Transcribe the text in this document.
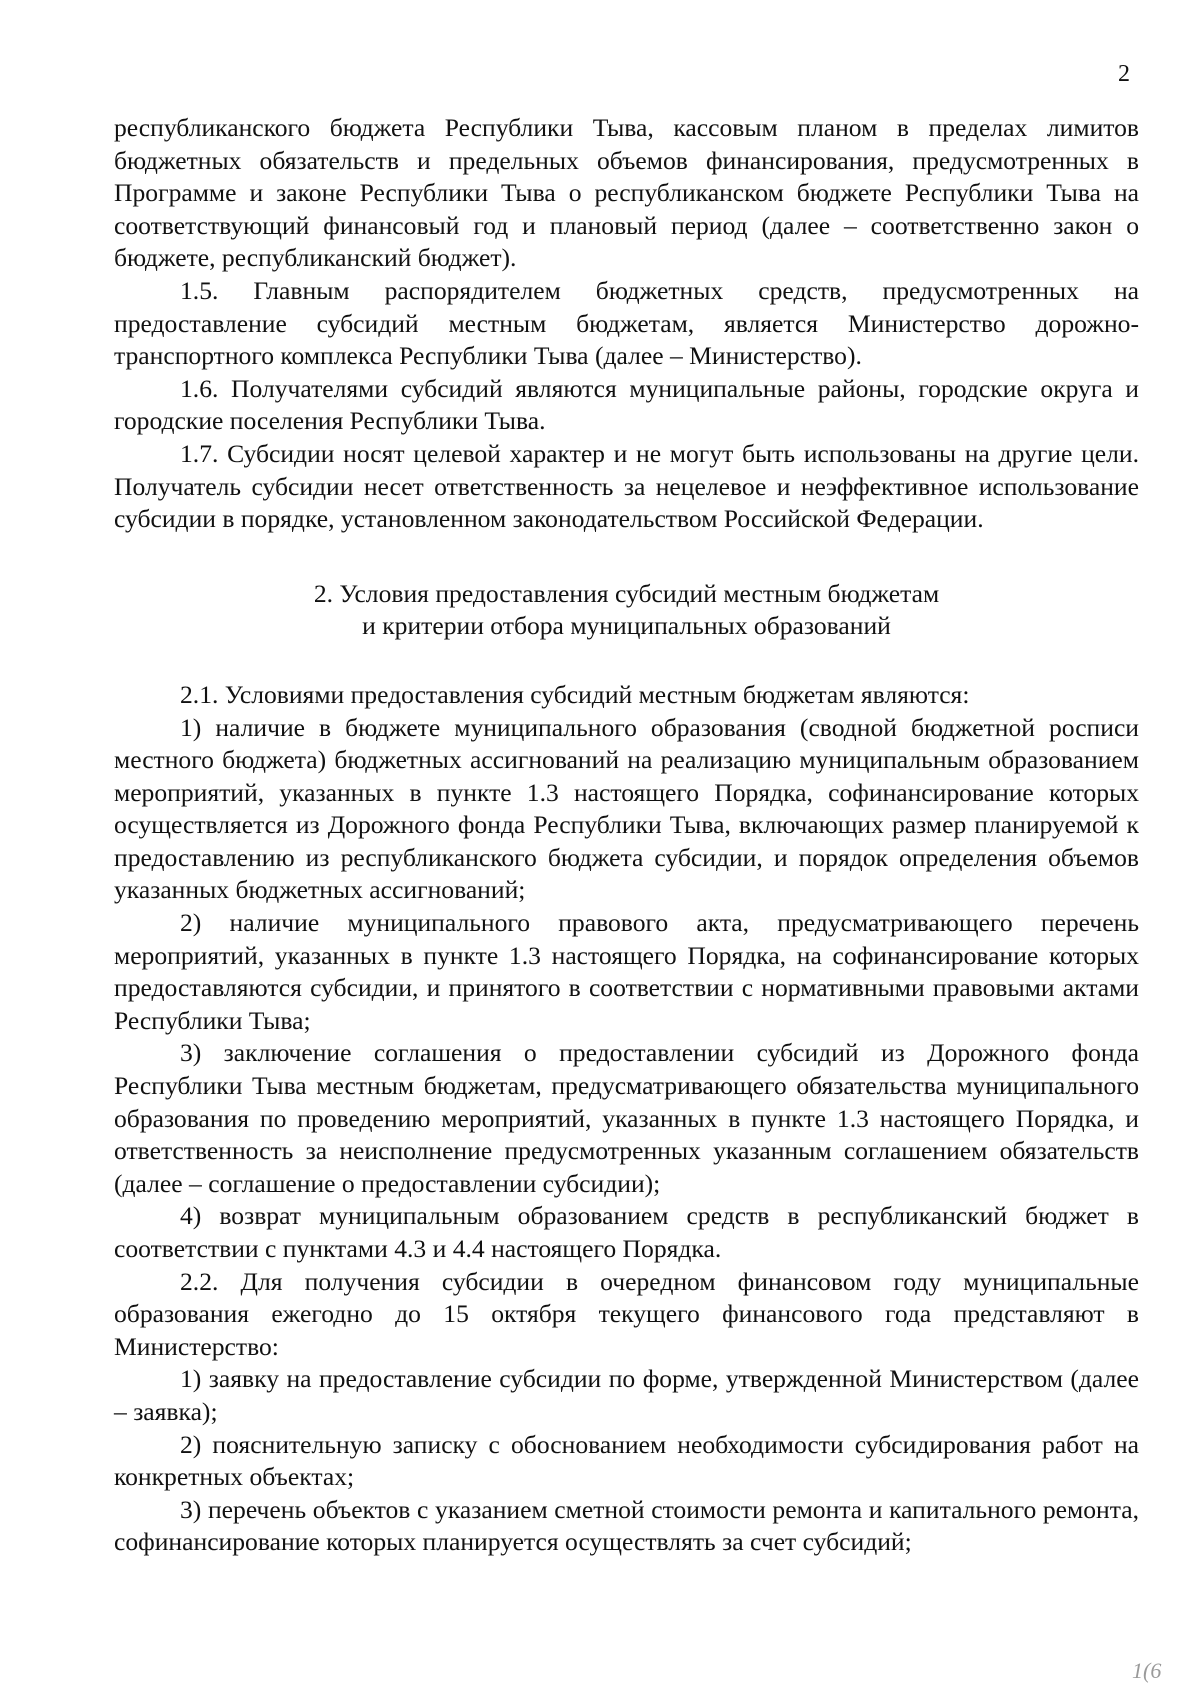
2

республиканского бюджета Республики Тыва, кассовым планом в пределах лимитов бюджетных обязательств и предельных объемов финансирования, предусмотренных в Программе и законе Республики Тыва о республиканском бюджете Республики Тыва на соответствующий финансовый год и плановый период (далее – соответственно закон о бюджете, республиканский бюджет).

1.5. Главным распорядителем бюджетных средств, предусмотренных на предоставление субсидий местным бюджетам, является Министерство дорожно-транспортного комплекса Республики Тыва (далее – Министерство).

1.6. Получателями субсидий являются муниципальные районы, городские округа и городские поселения Республики Тыва.

1.7. Субсидии носят целевой характер и не могут быть использованы на другие цели. Получатель субсидии несет ответственность за нецелевое и неэффективное использование субсидии в порядке, установленном законодательством Российской Федерации.

2. Условия предоставления субсидий местным бюджетам
и критерии отбора муниципальных образований

2.1. Условиями предоставления субсидий местным бюджетам являются:

1) наличие в бюджете муниципального образования (сводной бюджетной росписи местного бюджета) бюджетных ассигнований на реализацию муниципальным образованием мероприятий, указанных в пункте 1.3 настоящего Порядка, софинансирование которых осуществляется из Дорожного фонда Республики Тыва, включающих размер планируемой к предоставлению из республиканского бюджета субсидии, и порядок определения объемов указанных бюджетных ассигнований;

2) наличие муниципального правового акта, предусматривающего перечень мероприятий, указанных в пункте 1.3 настоящего Порядка, на софинансирование которых предоставляются субсидии, и принятого в соответствии с нормативными правовыми актами Республики Тыва;

3) заключение соглашения о предоставлении субсидий из Дорожного фонда Республики Тыва местным бюджетам, предусматривающего обязательства муниципального образования по проведению мероприятий, указанных в пункте 1.3 настоящего Порядка, и ответственность за неисполнение предусмотренных указанным соглашением обязательств (далее – соглашение о предоставлении субсидии);

4) возврат муниципальным образованием средств в республиканский бюджет в соответствии с пунктами 4.3 и 4.4 настоящего Порядка.

2.2. Для получения субсидии в очередном финансовом году муниципальные образования ежегодно до 15 октября текущего финансового года представляют в Министерство:

1) заявку на предоставление субсидии по форме, утвержденной Министерством (далее – заявка);

2) пояснительную записку с обоснованием необходимости субсидирования работ на конкретных объектах;

3) перечень объектов с указанием сметной стоимости ремонта и капитального ремонта, софинансирование которых планируется осуществлять за счет субсидий;

1(6
